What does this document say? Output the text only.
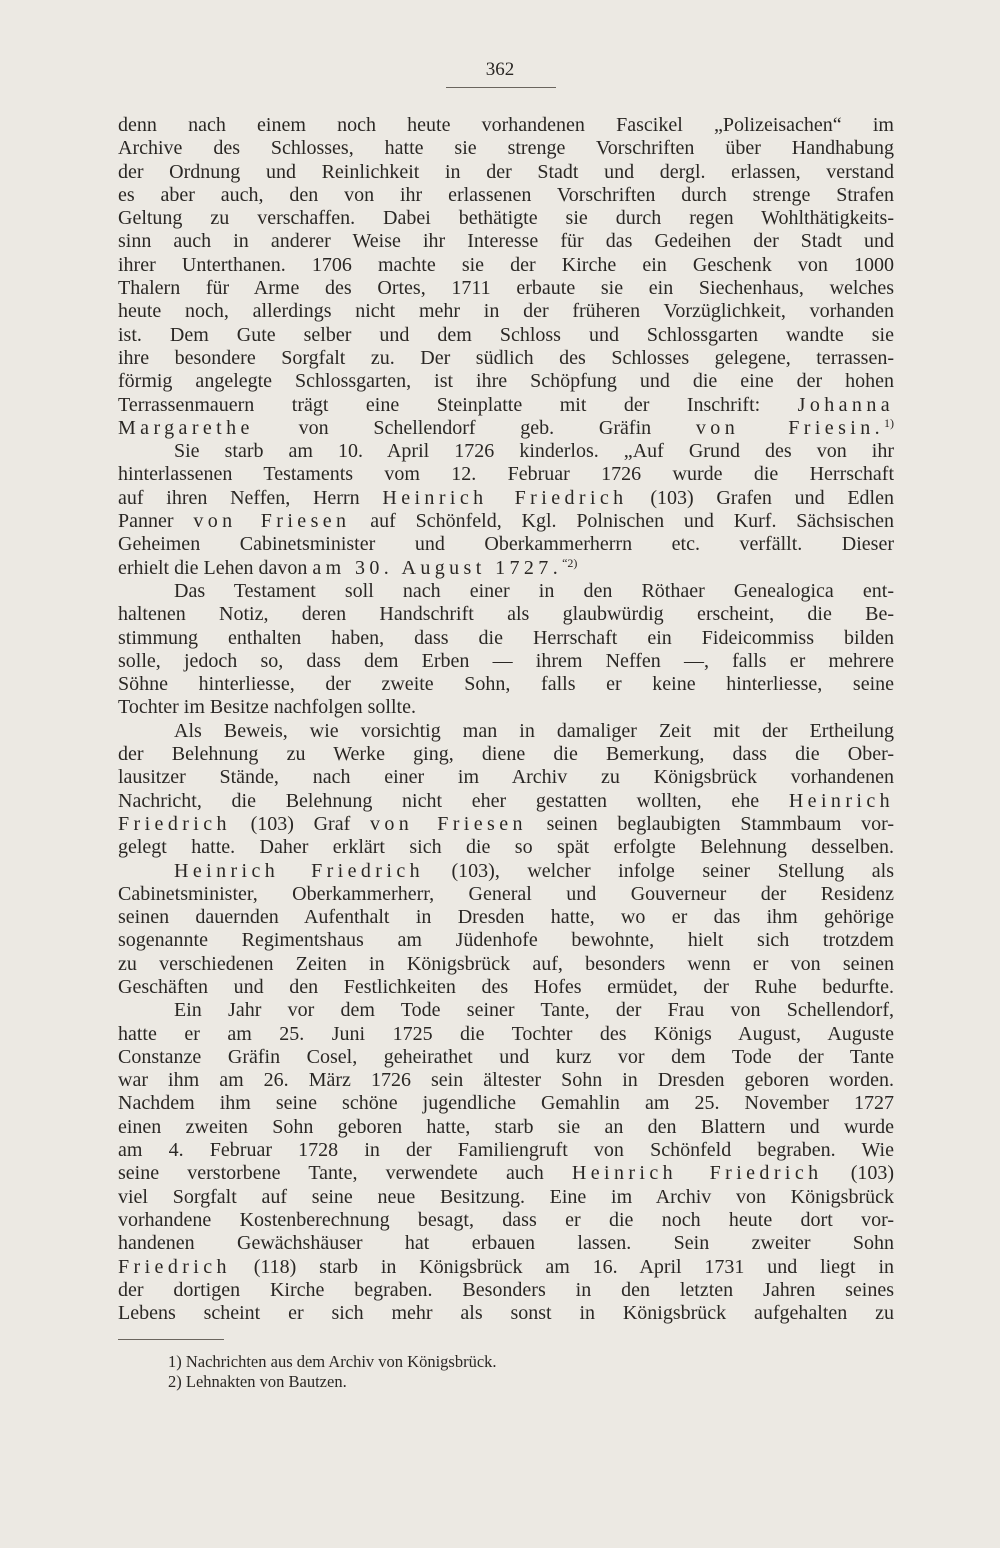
362
denn nach einem noch heute vorhandenen Fascikel „Polizeisachen“ im
Archive des Schlosses, hatte sie strenge Vorschriften über Handhabung
der Ordnung und Reinlichkeit in der Stadt und dergl. erlassen, verstand
es aber auch, den von ihr erlassenen Vorschriften durch strenge Strafen
Geltung zu verschaffen. Dabei bethätigte sie durch regen Wohlthätigkeits-
sinn auch in anderer Weise ihr Interesse für das Gedeihen der Stadt und
ihrer Unterthanen. 1706 machte sie der Kirche ein Geschenk von 1000
Thalern für Arme des Ortes, 1711 erbaute sie ein Siechenhaus, welches
heute noch, allerdings nicht mehr in der früheren Vorzüglichkeit, vorhanden
ist. Dem Gute selber und dem Schloss und Schlossgarten wandte sie
ihre besondere Sorgfalt zu. Der südlich des Schlosses gelegene, terrassen-
förmig angelegte Schlossgarten, ist ihre Schöpfung und die eine der hohen
Terrassenmauern trägt eine Steinplatte mit der Inschrift: Johanna
Margarethe von Schellendorf geb. Gräfin von Friesin.$^{1)}$
Sie starb am 10. April 1726 kinderlos. „Auf Grund des von ihr
hinterlassenen Testaments vom 12. Februar 1726 wurde die Herrschaft
auf ihren Neffen, Herrn Heinrich Friedrich (103) Grafen und Edlen
Panner von Friesen auf Schönfeld, Kgl. Polnischen und Kurf. Sächsischen
Geheimen Cabinetsminister und Oberkammerherrn etc. verfällt. Dieser
erhielt die Lehen davon am 30. August 1727.$^{“2)}$
Das Testament soll nach einer in den Röthaer Genealogica ent-
haltenen Notiz, deren Handschrift als glaubwürdig erscheint, die Be-
stimmung enthalten haben, dass die Herrschaft ein Fideicommiss bilden
solle, jedoch so, dass dem Erben — ihrem Neffen —, falls er mehrere
Söhne hinterliesse, der zweite Sohn, falls er keine hinterliesse, seine
Tochter im Besitze nachfolgen sollte.
Als Beweis, wie vorsichtig man in damaliger Zeit mit der Ertheilung
der Belehnung zu Werke ging, diene die Bemerkung, dass die Ober-
lausitzer Stände, nach einer im Archiv zu Königsbrück vorhandenen
Nachricht, die Belehnung nicht eher gestatten wollten, ehe Heinrich
Friedrich (103) Graf von Friesen seinen beglaubigten Stammbaum vor-
gelegt hatte. Daher erklärt sich die so spät erfolgte Belehnung desselben.
Heinrich Friedrich (103), welcher infolge seiner Stellung als
Cabinetsminister, Oberkammerherr, General und Gouverneur der Residenz
seinen dauernden Aufenthalt in Dresden hatte, wo er das ihm gehörige
sogenannte Regimentshaus am Jüdenhofe bewohnte, hielt sich trotzdem
zu verschiedenen Zeiten in Königsbrück auf, besonders wenn er von seinen
Geschäften und den Festlichkeiten des Hofes ermüdet, der Ruhe bedurfte.
Ein Jahr vor dem Tode seiner Tante, der Frau von Schellendorf,
hatte er am 25. Juni 1725 die Tochter des Königs August, Auguste
Constanze Gräfin Cosel, geheirathet und kurz vor dem Tode der Tante
war ihm am 26. März 1726 sein ältester Sohn in Dresden geboren worden.
Nachdem ihm seine schöne jugendliche Gemahlin am 25. November 1727
einen zweiten Sohn geboren hatte, starb sie an den Blattern und wurde
am 4. Februar 1728 in der Familiengruft von Schönfeld begraben. Wie
seine verstorbene Tante, verwendete auch Heinrich Friedrich (103)
viel Sorgfalt auf seine neue Besitzung. Eine im Archiv von Königsbrück
vorhandene Kostenberechnung besagt, dass er die noch heute dort vor-
handenen Gewächshäuser hat erbauen lassen. Sein zweiter Sohn
Friedrich (118) starb in Königsbrück am 16. April 1731 und liegt in
der dortigen Kirche begraben. Besonders in den letzten Jahren seines
Lebens scheint er sich mehr als sonst in Königsbrück aufgehalten zu
1) Nachrichten aus dem Archiv von Königsbrück.
2) Lehnakten von Bautzen.
